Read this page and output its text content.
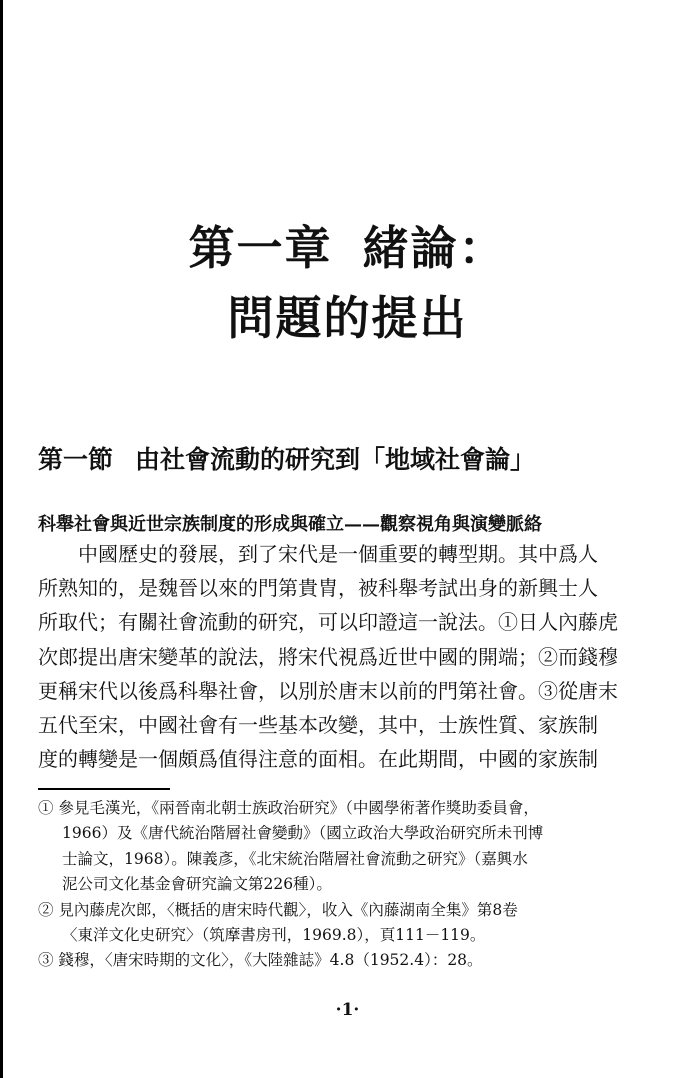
第一章 緒論：
問題的提出
第一節 由社會流動的研究到「地域社會論」
科舉社會與近世宗族制度的形成與確立——觀察視角與演變脈絡
中國歷史的發展，到了宋代是一個重要的轉型期。其中爲人
所熟知的，是魏晉以來的門第貴胄，被科舉考試出身的新興士人
所取代；有關社會流動的研究，可以印證這一說法。①日人內藤虎
次郎提出唐宋變革的說法，將宋代視爲近世中國的開端；②而錢穆
更稱宋代以後爲科舉社會，以別於唐末以前的門第社會。③從唐末
五代至宋，中國社會有一些基本改變，其中，士族性質、家族制
度的轉變是一個頗爲值得注意的面相。在此期間，中國的家族制
① 參見毛漢光，《兩晉南北朝士族政治研究》（中國學術著作獎助委員會，
1966）及《唐代統治階層社會變動》（國立政治大學政治研究所未刊博
士論文，1968）。陳義彥，《北宋統治階層社會流動之研究》（嘉興水
泥公司文化基金會研究論文第226種）。
② 見內藤虎次郎，〈概括的唐宋時代觀〉，收入《內藤湖南全集》第8卷
〈東洋文化史研究〉（筑摩書房刊，1969.8），頁111－119。
③ 錢穆，〈唐宋時期的文化〉，《大陸雜誌》4.8（1952.4）：28。
·1·
